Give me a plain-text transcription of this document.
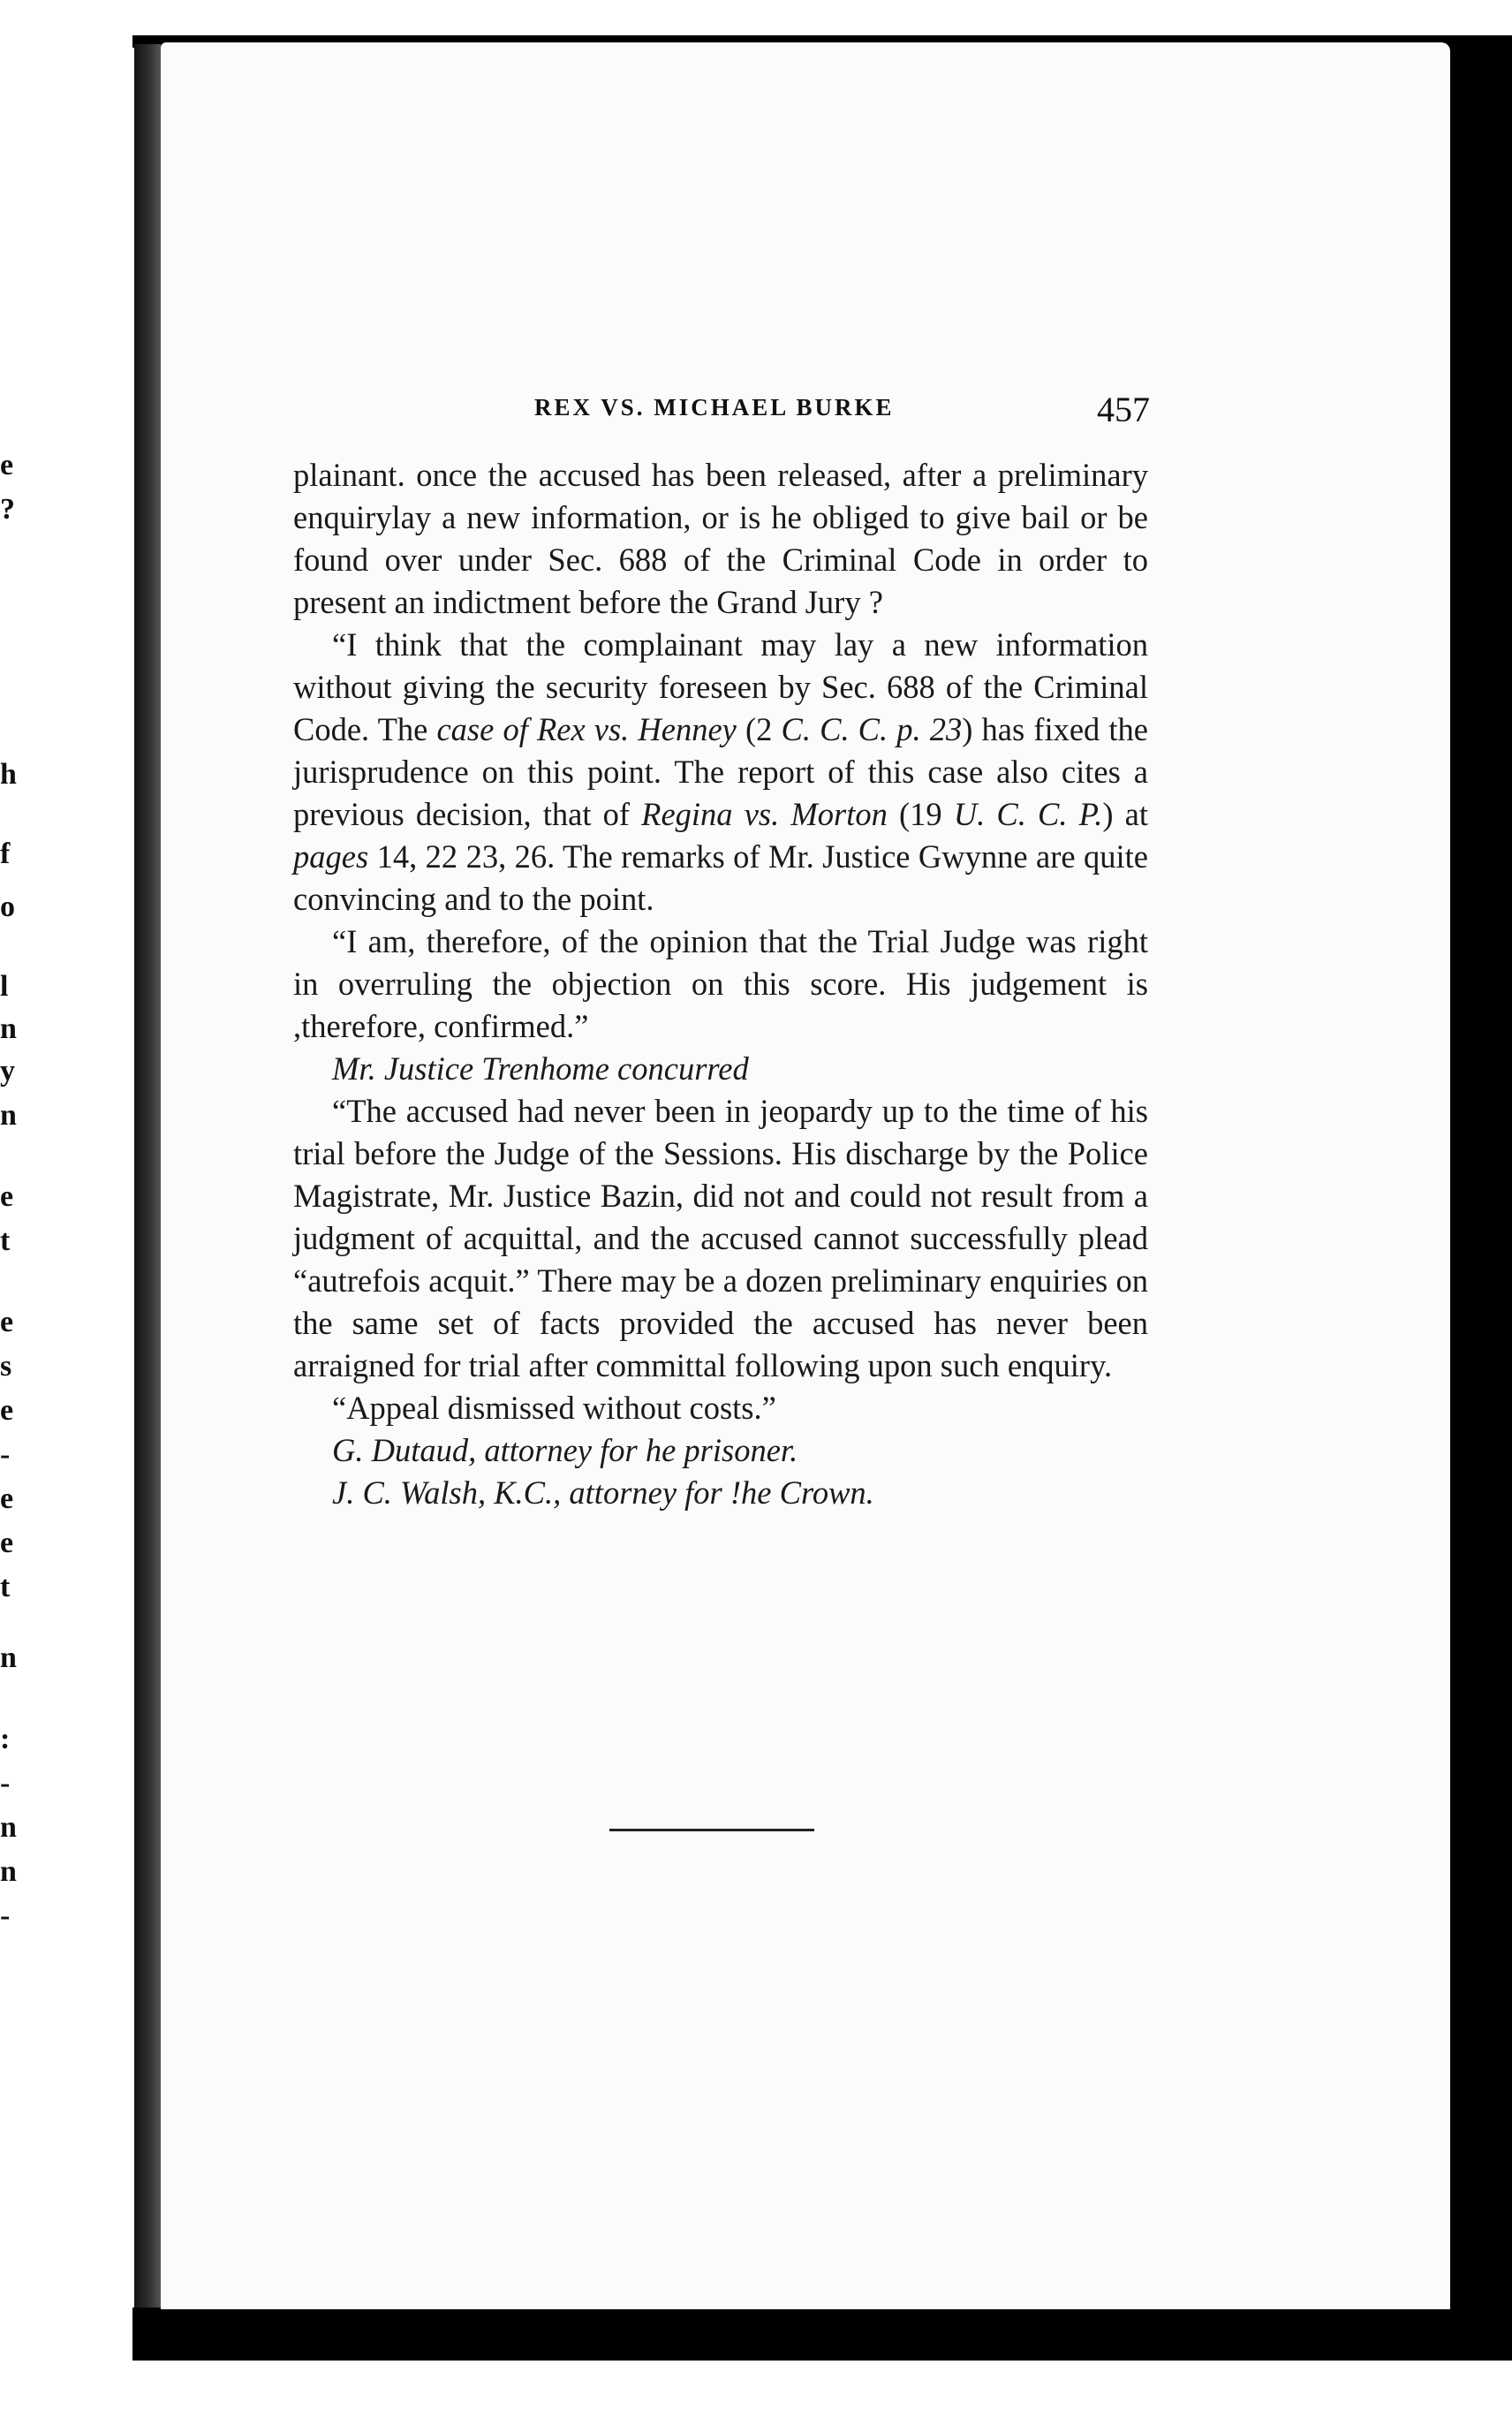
e
?
h
f
o
l
n
y
n
e
t
e
s
e
-
e
e
t
n
:
-
n
n
-
REX VS. MICHAEL BURKE	457

plainant. once the accused has been released, after a preliminary enquirylay a new information, or is he obliged to give bail or be found over under Sec. 688 of the Criminal Code in order to present an indictment before the Grand Jury ?

“I think that the complainant may lay a new information without giving the security foreseen by Sec. 688 of the Criminal Code. The case of Rex vs. Henney (2 C. C. C. p. 23) has fixed the jurisprudence on this point. The report of this case also cites a previous decision, that of Regina vs. Morton (19 U. C. C. P.) at pages 14, 22 23, 26. The remarks of Mr. Justice Gwynne are quite convincing and to the point.

“I am, therefore, of the opinion that the Trial Judge was right in overruling the objection on this score. His judgement is ,therefore, confirmed.”

Mr. Justice Trenhome concurred

“The accused had never been in jeopardy up to the time of his trial before the Judge of the Sessions. His discharge by the Police Magistrate, Mr. Justice Bazin, did not and could not result from a judgment of acquittal, and the accused cannot successfully plead “autrefois acquit.” There may be a dozen preliminary enquiries on the same set of facts provided the accused has never been arraigned for trial after committal following upon such enquiry.

“Appeal dismissed without costs.”

G. Dutaud, attorney for he prisoner.

J. C. Walsh, K.C., attorney for !he Crown.
